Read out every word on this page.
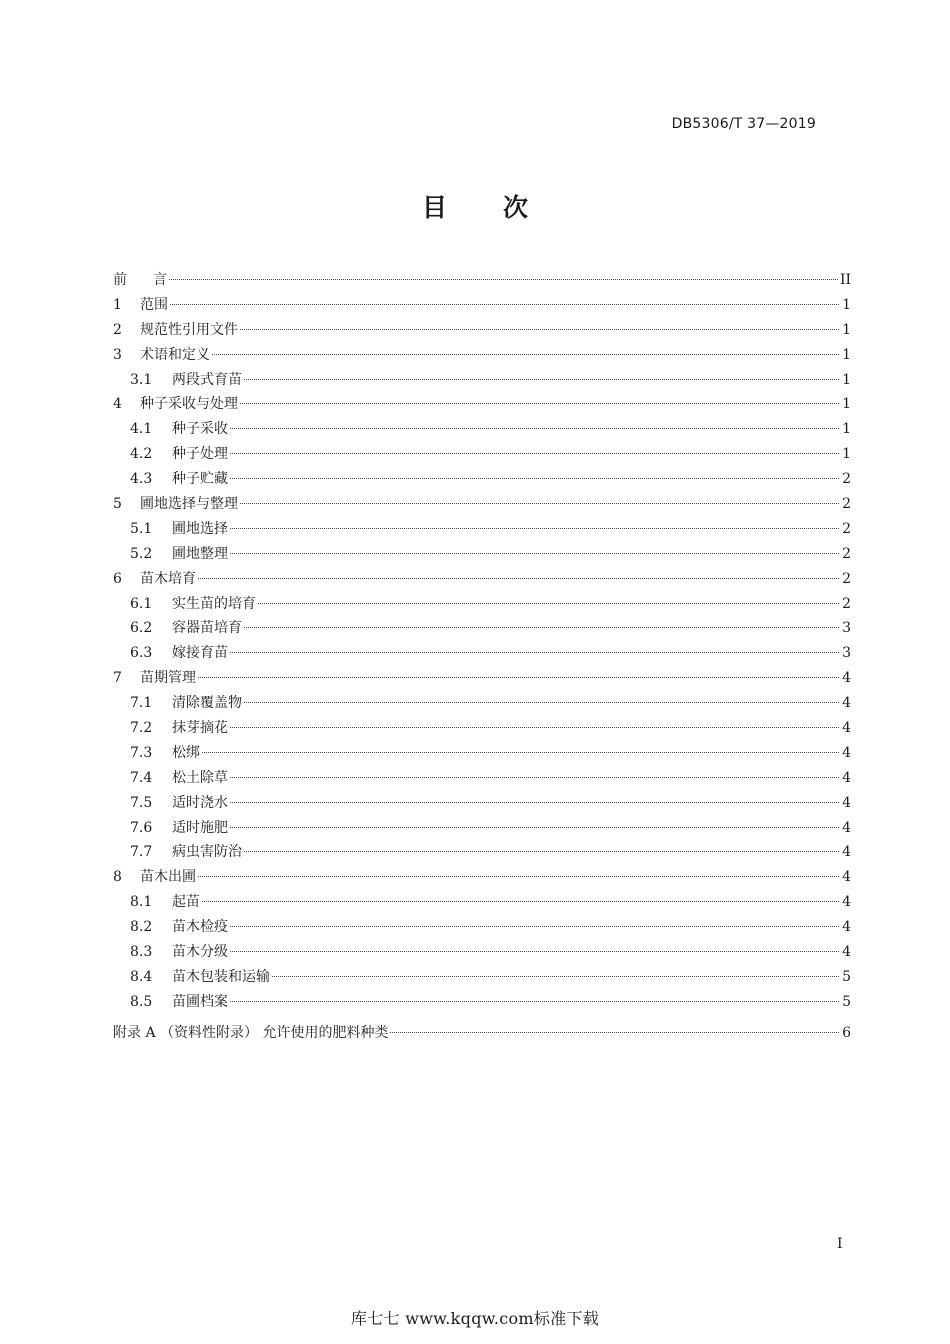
DB5306/T 37—2019
目 次
前 言	II
1	范围	1
2	规范性引用文件	1
3	术语和定义	1
3.1	两段式育苗	1
4	种子采收与处理	1
4.1	种子采收	1
4.2	种子处理	1
4.3	种子贮藏	2
5	圃地选择与整理	2
5.1	圃地选择	2
5.2	圃地整理	2
6	苗木培育	2
6.1	实生苗的培育	2
6.2	容器苗培育	3
6.3	嫁接育苗	3
7	苗期管理	4
7.1	清除覆盖物	4
7.2	抹芽摘花	4
7.3	松绑	4
7.4	松土除草	4
7.5	适时浇水	4
7.6	适时施肥	4
7.7	病虫害防治	4
8	苗木出圃	4
8.1	起苗	4
8.2	苗木检疫	4
8.3	苗木分级	4
8.4	苗木包装和运输	5
8.5	苗圃档案	5
附录 A （资料性附录） 允许使用的肥料种类	6
I
库七七 www.kqqw.com标准下载
